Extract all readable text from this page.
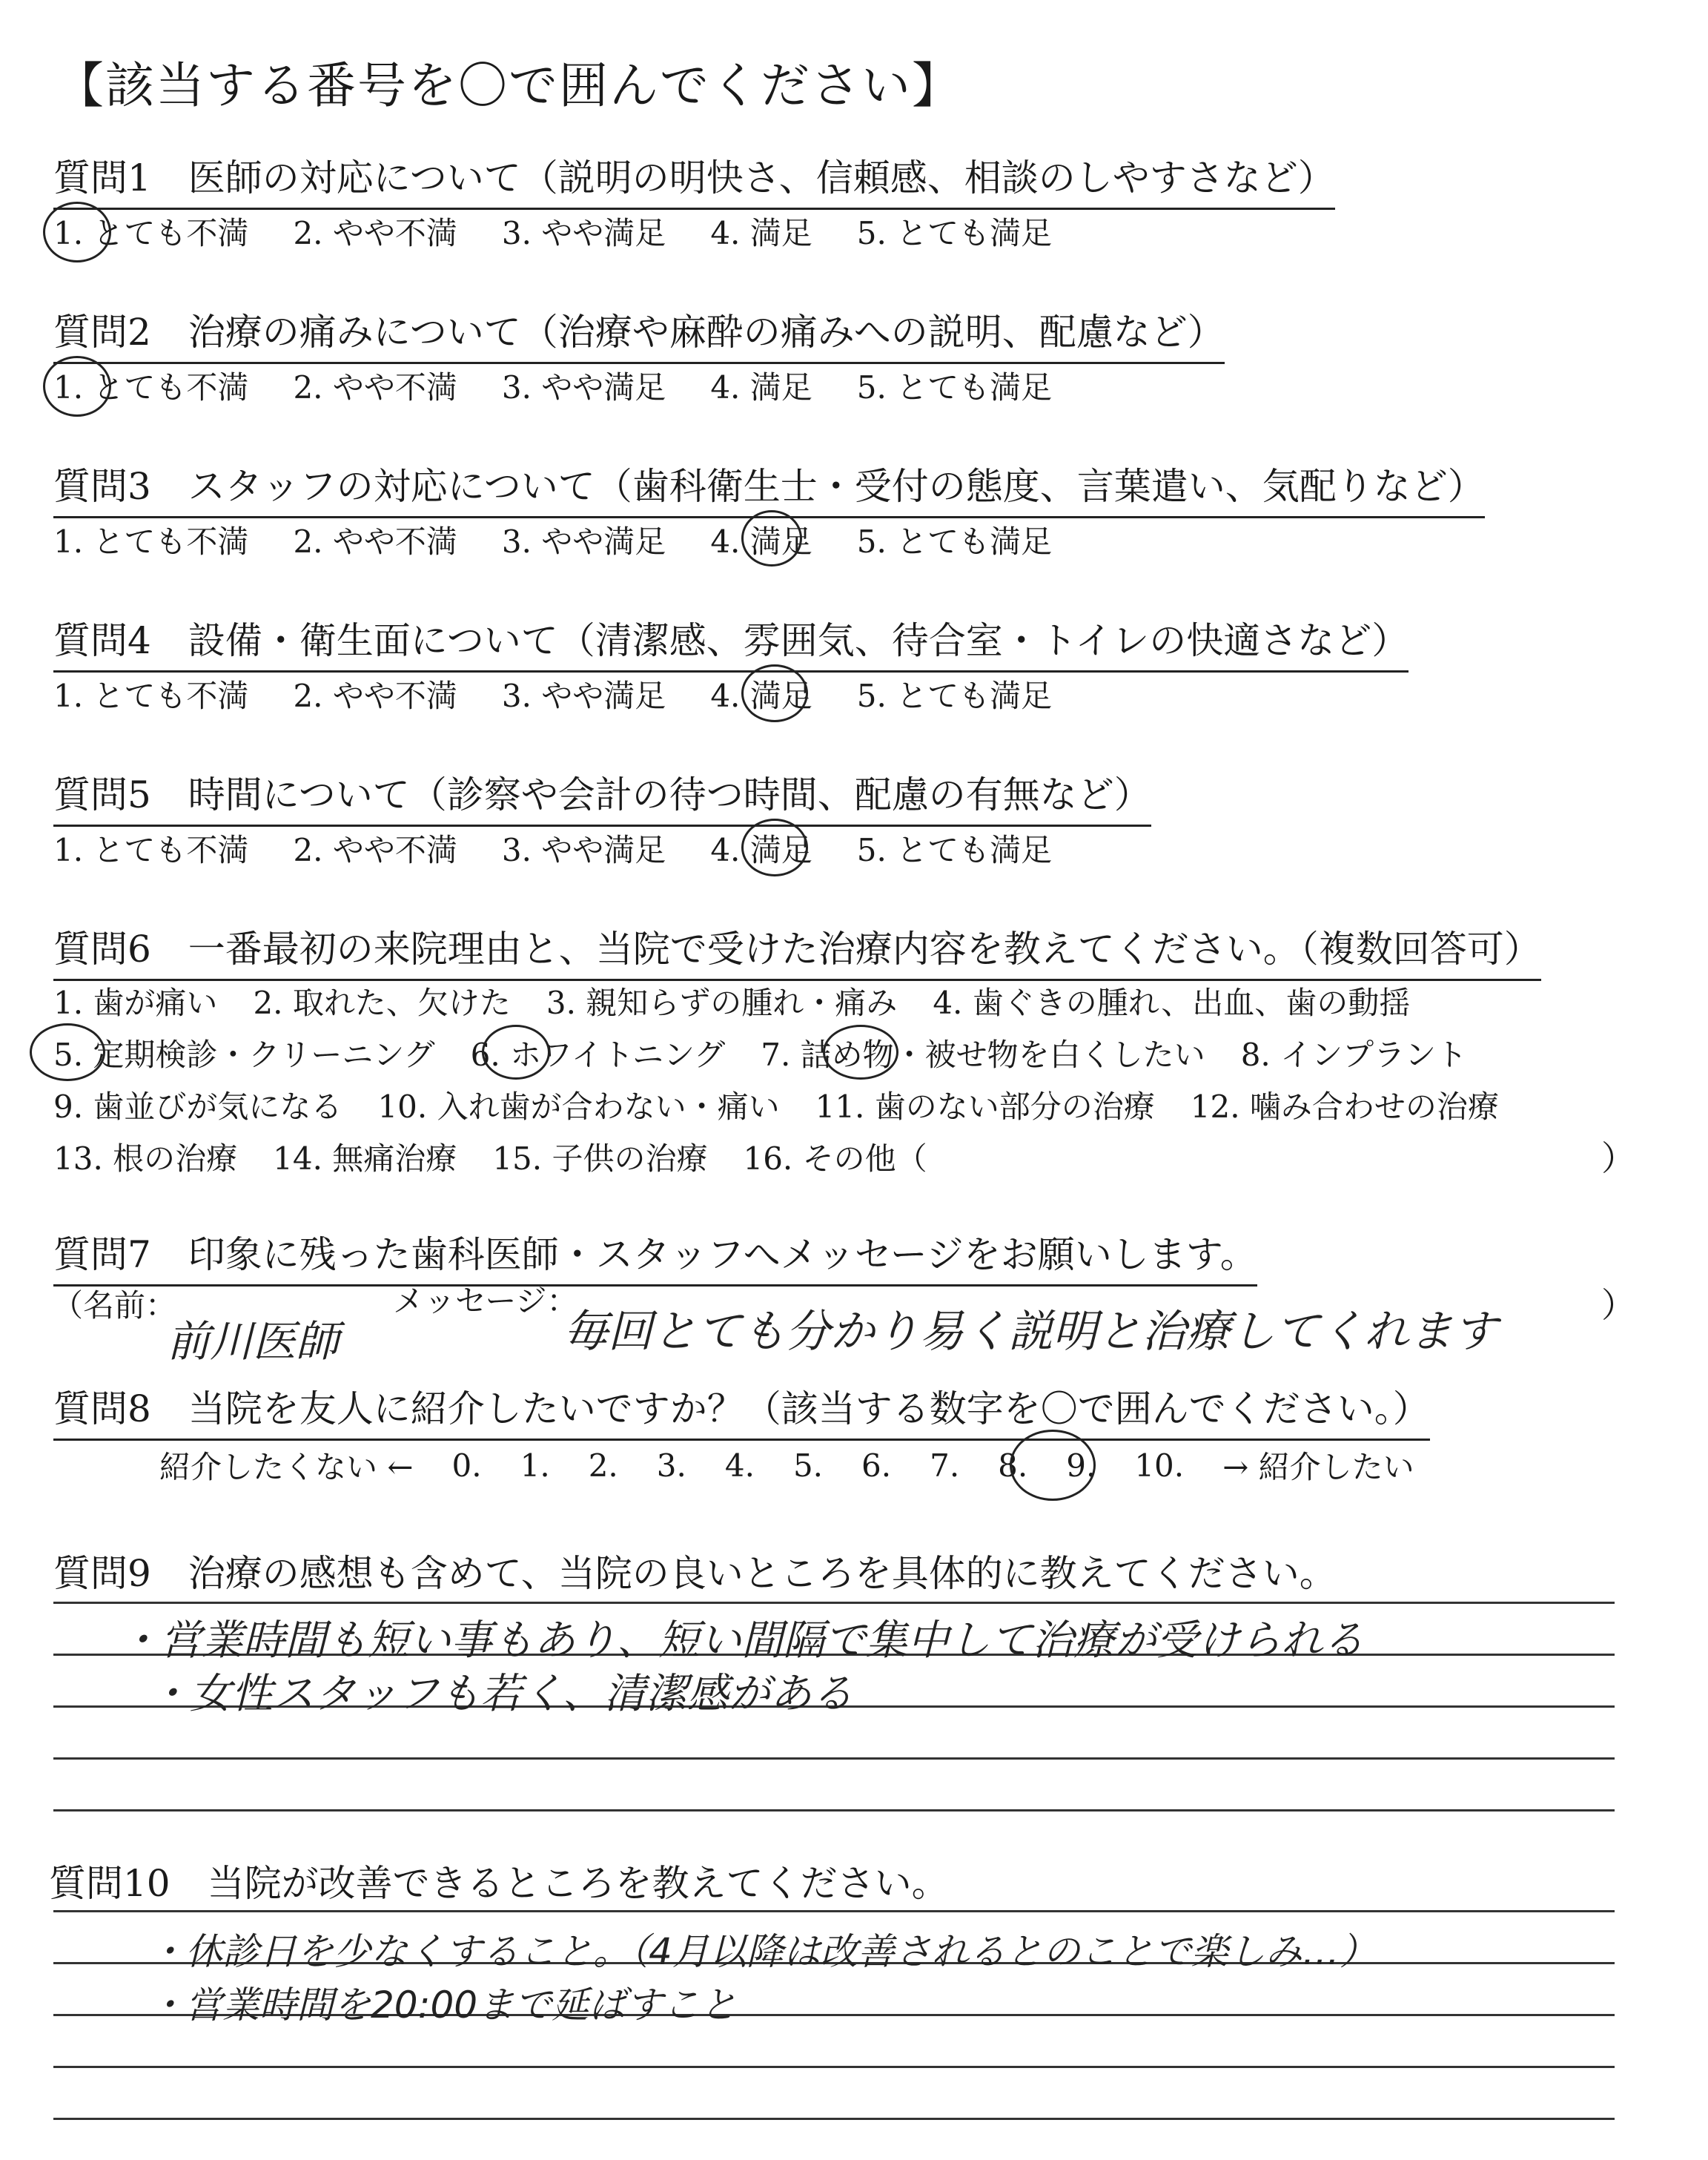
【該当する番号を〇で囲んでください】
質問1　医師の対応について（説明の明快さ、信頼感、相談のしやすさなど）
1. とても不満 2. やや不満 3. やや満足 4. 満足 5. とても満足
質問2　治療の痛みについて（治療や麻酔の痛みへの説明、配慮など）
1. とても不満 2. やや不満 3. やや満足 4. 満足 5. とても満足
質問3　スタッフの対応について（歯科衛生士・受付の態度、言葉遣い、気配りなど）
1. とても不満 2. やや不満 3. やや満足 4. 満足 5. とても満足
質問4　設備・衛生面について（清潔感、雰囲気、待合室・トイレの快適さなど）
1. とても不満 2. やや不満 3. やや満足 4. 満足 5. とても満足
質問5　時間について（診察や会計の待つ時間、配慮の有無など）
1. とても不満 2. やや不満 3. やや満足 4. 満足 5. とても満足
質問6　一番最初の来院理由と、当院で受けた治療内容を教えてください。（複数回答可）
1. 歯が痛い 2. 取れた、欠けた 3. 親知らずの腫れ・痛み 4. 歯ぐきの腫れ、出血、歯の動揺
5. 定期検診・クリーニング 6. ホワイトニング 7. 詰め物・被せ物を白くしたい 8. インプラント
9. 歯並びが気になる 10. 入れ歯が合わない・痛い 11. 歯のない部分の治療 12. 噛み合わせの治療
13. 根の治療 14. 無痛治療 15. 子供の治療 16. その他（	）
質問7　印象に残った歯科医師・スタッフへメッセージをお願いします。
（名前：	メッセージ：	）
前川医師	毎回とても分かり易く説明と治療してくれます
質問8　当院を友人に紹介したいですか？（該当する数字を〇で囲んでください。）
紹介したくない ← 0. 1. 2. 3. 4. 5. 6. 7. 8. 9. 10. → 紹介したい
質問9　治療の感想も含めて、当院の良いところを具体的に教えてください。
・営業時間も短い事もあり、短い間隔で集中して治療が受けられる
・女性スタッフも若く、清潔感がある
質問10　当院が改善できるところを教えてください。
・休診日を少なくすること。（4月以降は改善されるとのことで楽しみ…）
・営業時間を20:00まで延ばすこと
